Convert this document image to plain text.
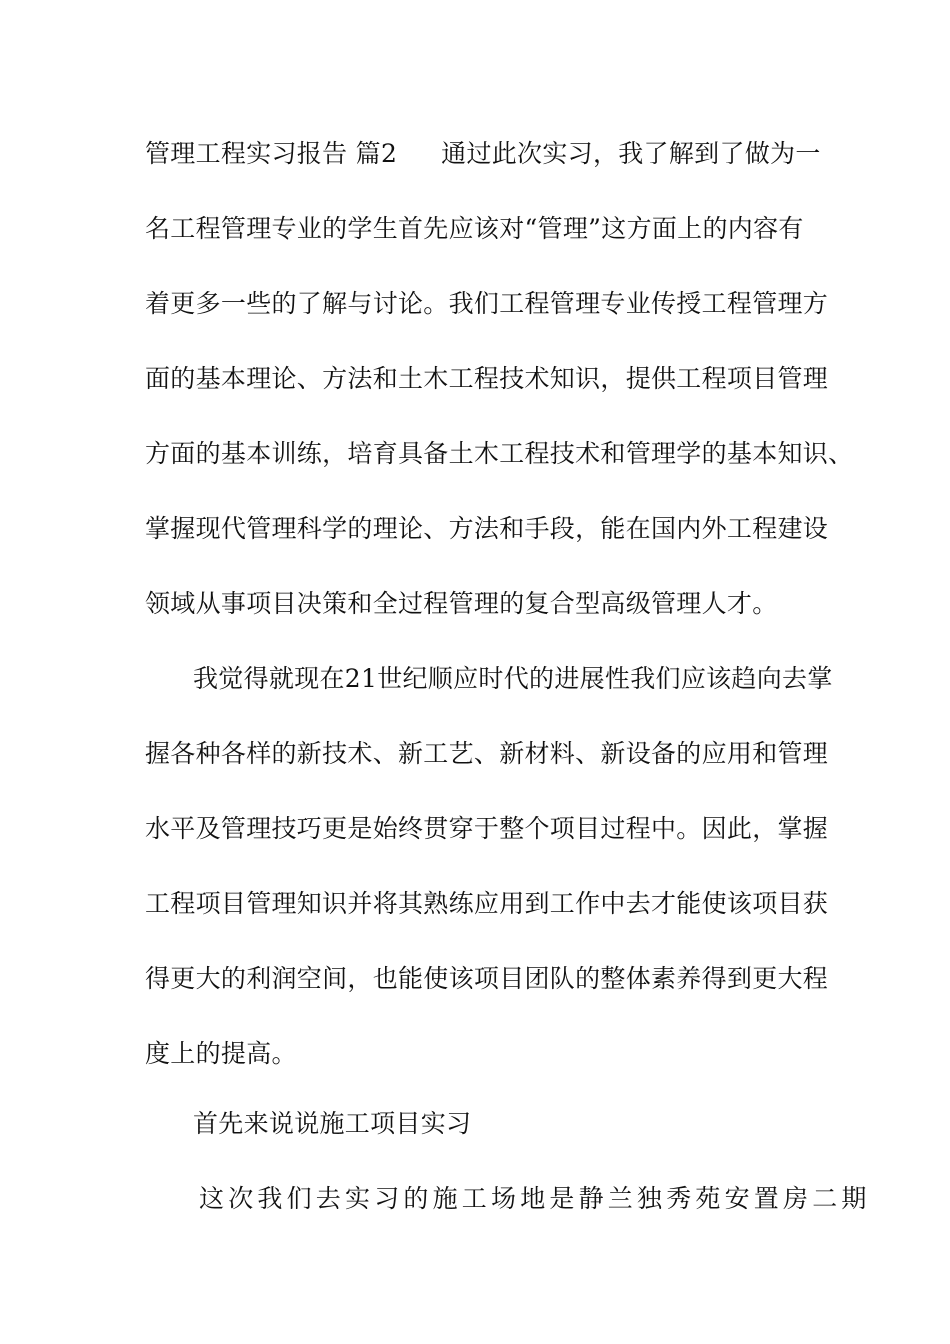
管理工程实习报告 篇2 通过此次实习，我了解到了做为一
名工程管理专业的学生首先应该对“管理”这方面上的内容有
着更多一些的了解与讨论。我们工程管理专业传授工程管理方
面的基本理论、方法和土木工程技术知识，提供工程项目管理
方面的基本训练，培育具备土木工程技术和管理学的基本知识、
掌握现代管理科学的理论、方法和手段，能在国内外工程建设
领域从事项目决策和全过程管理的复合型高级管理人才。
我觉得就现在21世纪顺应时代的进展性我们应该趋向去掌
握各种各样的新技术、新工艺、新材料、新设备的应用和管理
水平及管理技巧更是始终贯穿于整个项目过程中。因此，掌握
工程项目管理知识并将其熟练应用到工作中去才能使该项目获
得更大的利润空间，也能使该项目团队的整体素养得到更大程
度上的提高。
首先来说说施工项目实习
这次我们去实习的施工场地是静兰独秀苑安置房二期
